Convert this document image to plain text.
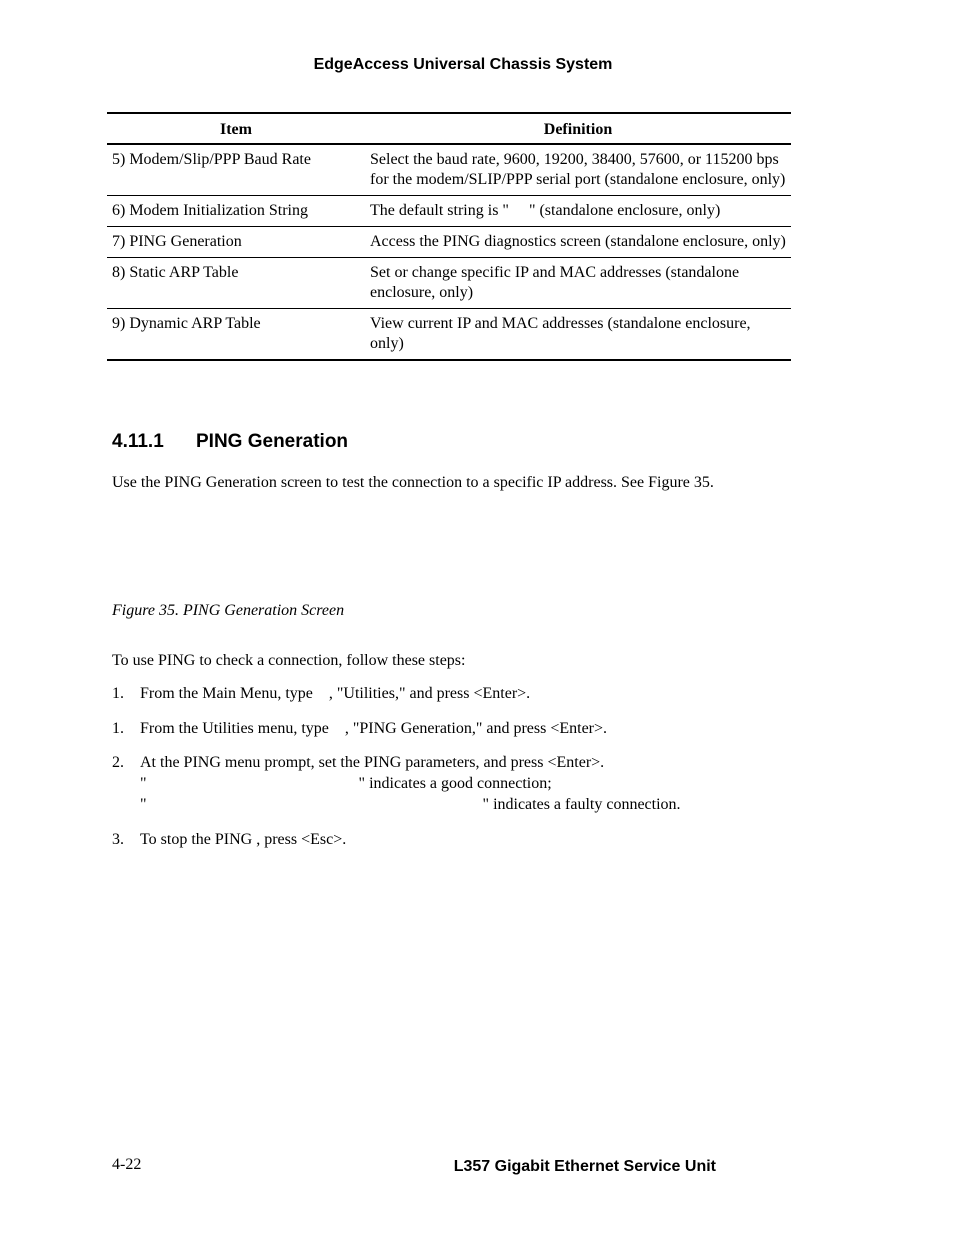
EdgeAccess Universal Chassis System
Item	Definition
5) Modem/Slip/PPP Baud Rate	Select the baud rate, 9600, 19200, 38400, 57600, or 115200 bps for the modem/SLIP/PPP serial port (standalone enclosure, only)
6) Modem Initialization String	The default string is "     " (standalone enclosure, only)
7) PING Generation	Access the PING diagnostics screen (standalone enclosure, only)
8) Static ARP Table	Set or change specific IP and MAC addresses (standalone enclosure, only)
9) Dynamic ARP Table	View current IP and MAC addresses (standalone enclosure, only)
4.11.1 PING Generation
Use the PING Generation screen to test the connection to a specific IP address. See Figure 35.
Figure 35. PING Generation Screen
To use PING to check a connection, follow these steps:
1. From the Main Menu, type    , "Utilities," and press <Enter>.
1. From the Utilities menu, type    , "PING Generation," and press <Enter>.
2. At the PING menu prompt, set the PING parameters, and press <Enter>.
"                                                     " indicates a good connection;
"                                                                                    " indicates a faulty connection.
3. To stop the PING , press <Esc>.
4-22	L357 Gigabit Ethernet Service Unit
